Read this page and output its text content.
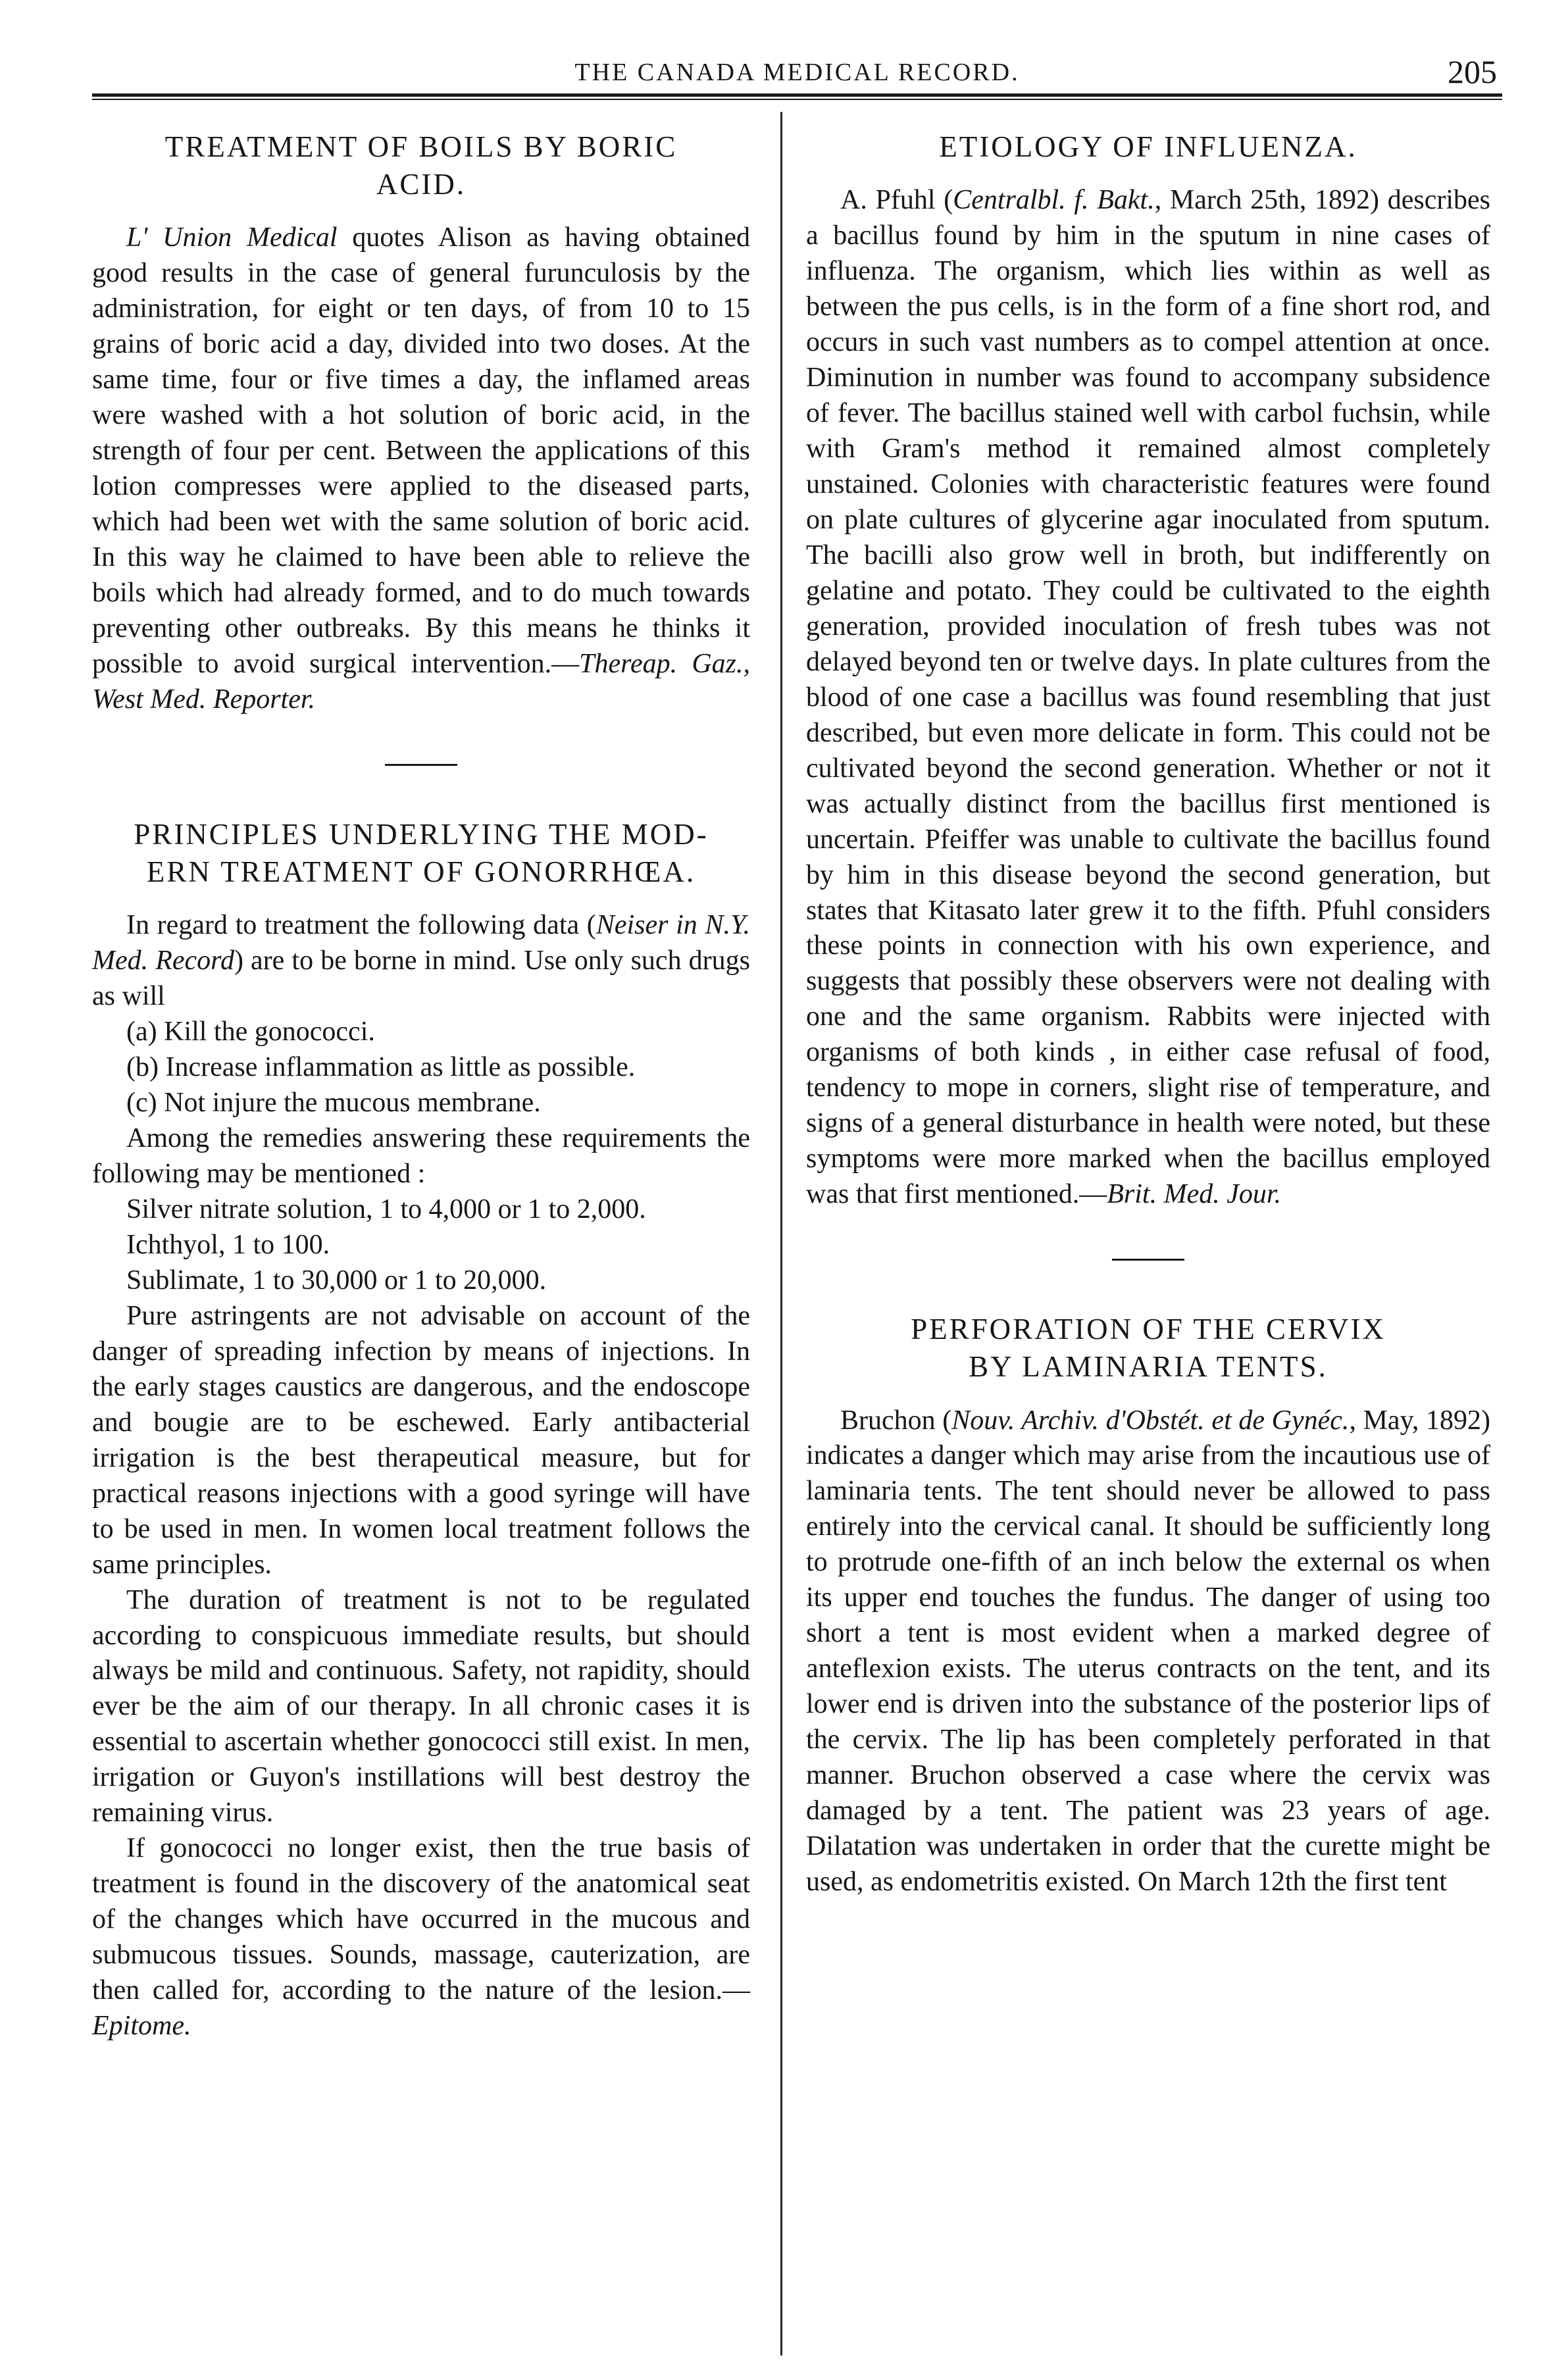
THE CANADA MEDICAL RECORD.	205
TREATMENT OF BOILS BY BORIC
ACID.

L' Union Medical quotes Alison as having obtained good results in the case of general furunculosis by the administration, for eight or ten days, of from 10 to 15 grains of boric acid a day, divided into two doses. At the same time, four or five times a day, the inflamed areas were washed with a hot solution of boric acid, in the strength of four per cent. Between the applications of this lotion compresses were applied to the diseased parts, which had been wet with the same solution of boric acid. In this way he claimed to have been able to relieve the boils which had already formed, and to do much towards preventing other outbreaks. By this means he thinks it possible to avoid surgical intervention.—Thereap. Gaz., West Med. Reporter.

PRINCIPLES UNDERLYING THE MOD-
ERN TREATMENT OF GONORRHŒA.

In regard to treatment the following data (Neiser in N.Y. Med. Record) are to be borne in mind. Use only such drugs as will

(a) Kill the gonococci.

(b) Increase inflammation as little as possible.

(c) Not injure the mucous membrane.

Among the remedies answering these requirements the following may be mentioned :

Silver nitrate solution, 1 to 4,000 or 1 to 2,000.

Ichthyol, 1 to 100.

Sublimate, 1 to 30,000 or 1 to 20,000.

Pure astringents are not advisable on account of the danger of spreading infection by means of injections. In the early stages caustics are dangerous, and the endoscope and bougie are to be eschewed. Early antibacterial irrigation is the best therapeutical measure, but for practical reasons injections with a good syringe will have to be used in men. In women local treatment follows the same principles.

The duration of treatment is not to be regulated according to conspicuous immediate results, but should always be mild and continuous. Safety, not rapidity, should ever be the aim of our therapy. In all chronic cases it is essential to ascertain whether gonococci still exist. In men, irrigation or Guyon's instillations will best destroy the remaining virus.

If gonococci no longer exist, then the true basis of treatment is found in the discovery of the anatomical seat of the changes which have occurred in the mucous and submucous tissues. Sounds, massage, cauterization, are then called for, according to the nature of the lesion.—Epitome.

ETIOLOGY OF INFLUENZA.

A. Pfuhl (Centralbl. f. Bakt., March 25th, 1892) describes a bacillus found by him in the sputum in nine cases of influenza. The organism, which lies within as well as between the pus cells, is in the form of a fine short rod, and occurs in such vast numbers as to compel attention at once. Diminution in number was found to accompany subsidence of fever. The bacillus stained well with carbol fuchsin, while with Gram's method it remained almost completely unstained. Colonies with characteristic features were found on plate cultures of glycerine agar inoculated from sputum. The bacilli also grow well in broth, but indifferently on gelatine and potato. They could be cultivated to the eighth generation, provided inoculation of fresh tubes was not delayed beyond ten or twelve days. In plate cultures from the blood of one case a bacillus was found resembling that just described, but even more delicate in form. This could not be cultivated beyond the second generation. Whether or not it was actually distinct from the bacillus first mentioned is uncertain. Pfeiffer was unable to cultivate the bacillus found by him in this disease beyond the second generation, but states that Kitasato later grew it to the fifth. Pfuhl considers these points in connection with his own experience, and suggests that possibly these observers were not dealing with one and the same organism. Rabbits were injected with organisms of both kinds , in either case refusal of food, tendency to mope in corners, slight rise of temperature, and signs of a general disturbance in health were noted, but these symptoms were more marked when the bacillus employed was that first mentioned.—Brit. Med. Jour.

PERFORATION OF THE CERVIX
BY LAMINARIA TENTS.

Bruchon (Nouv. Archiv. d'Obstét. et de Gynéc., May, 1892) indicates a danger which may arise from the incautious use of laminaria tents. The tent should never be allowed to pass entirely into the cervical canal. It should be sufficiently long to protrude one-fifth of an inch below the external os when its upper end touches the fundus. The danger of using too short a tent is most evident when a marked degree of anteflexion exists. The uterus contracts on the tent, and its lower end is driven into the substance of the posterior lips of the cervix. The lip has been completely perforated in that manner. Bruchon observed a case where the cervix was damaged by a tent. The patient was 23 years of age. Dilatation was undertaken in order that the curette might be used, as endometritis existed. On March 12th the first tent
